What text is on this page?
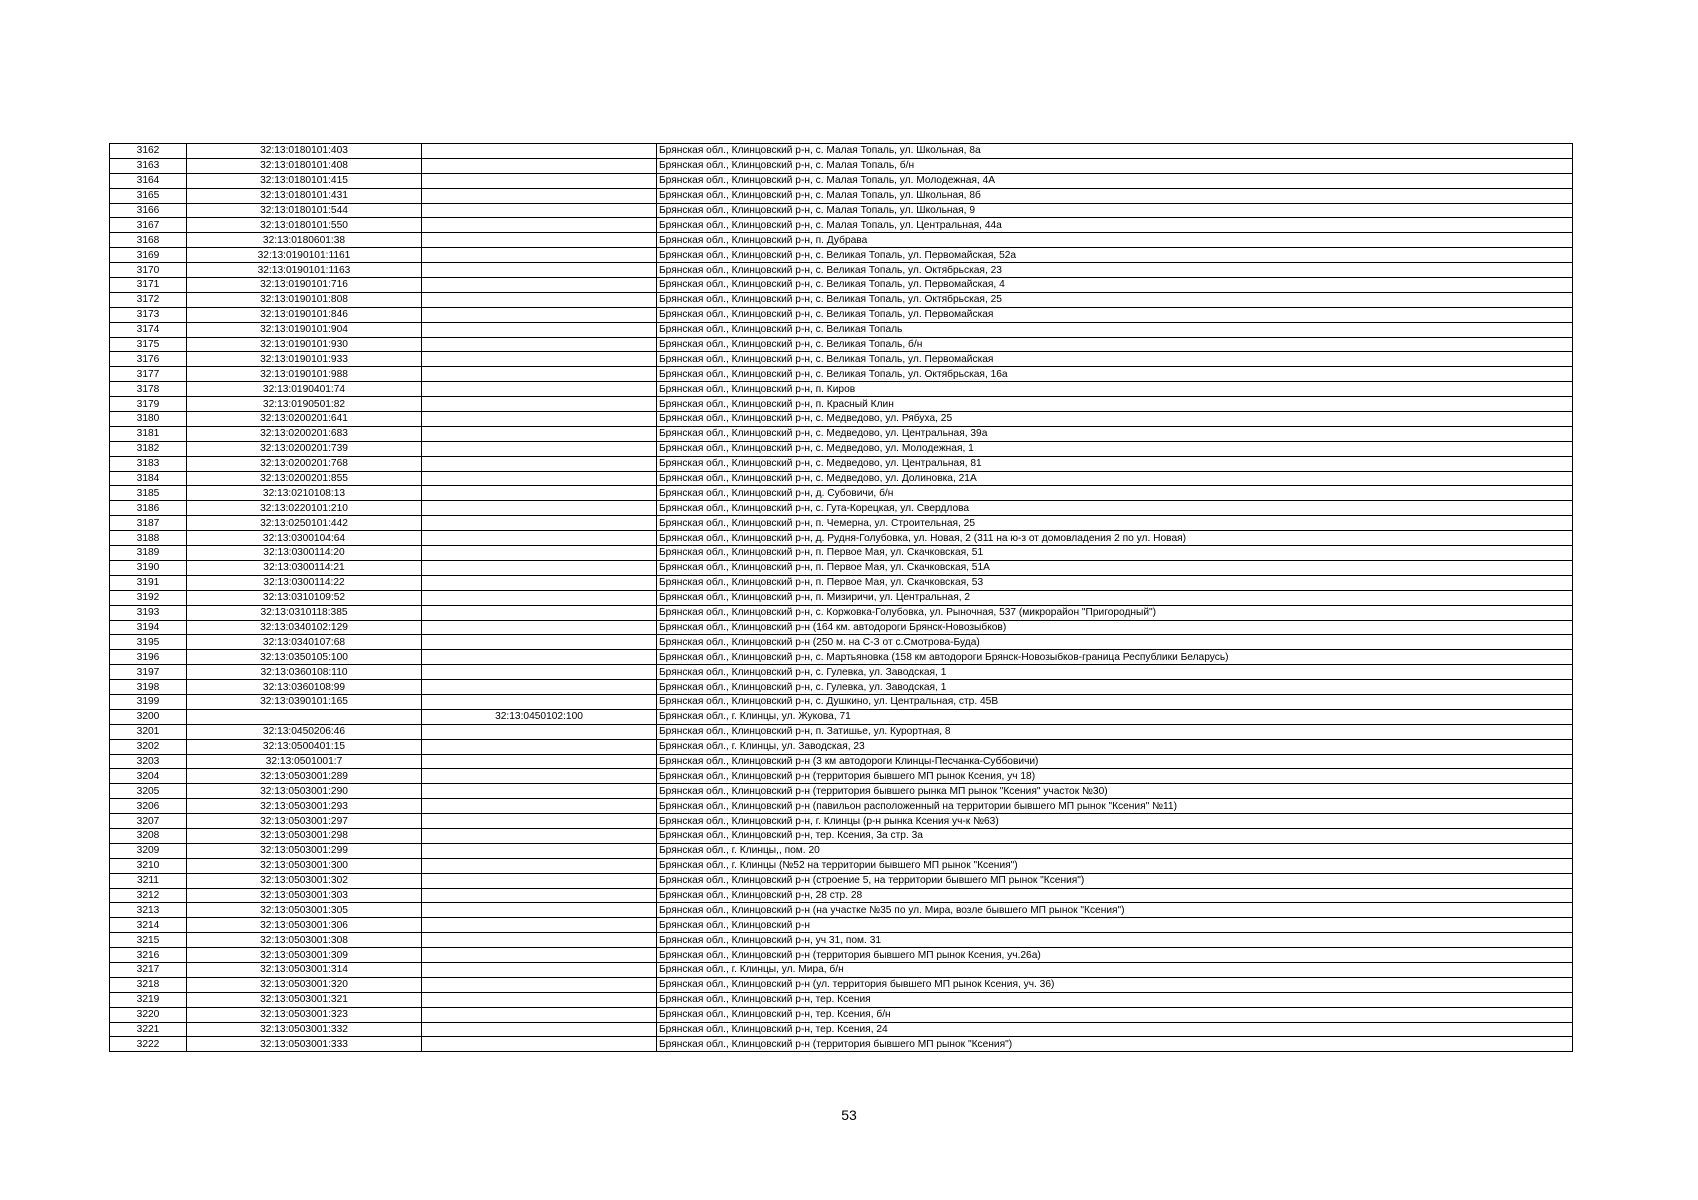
3162	32:13:0180101:403		Брянская обл., Клинцовский р-н, с. Малая Топаль, ул. Школьная, 8а
3163	32:13:0180101:408		Брянская обл., Клинцовский р-н, с. Малая Топаль, б/н
3164	32:13:0180101:415		Брянская обл., Клинцовский р-н, с. Малая Топаль, ул. Молодежная, 4А
3165	32:13:0180101:431		Брянская обл., Клинцовский р-н, с. Малая Топаль, ул. Школьная, 8б
3166	32:13:0180101:544		Брянская обл., Клинцовский р-н, с. Малая Топаль, ул. Школьная, 9
3167	32:13:0180101:550		Брянская обл., Клинцовский р-н, с. Малая Топаль, ул. Центральная, 44а
3168	32:13:0180601:38		Брянская обл., Клинцовский р-н, п. Дубрава
3169	32:13:0190101:1161		Брянская обл., Клинцовский р-н, с. Великая Топаль, ул. Первомайская, 52а
3170	32:13:0190101:1163		Брянская обл., Клинцовский р-н, с. Великая Топаль, ул. Октябрьская, 23
3171	32:13:0190101:716		Брянская обл., Клинцовский р-н, с. Великая Топаль, ул. Первомайская, 4
3172	32:13:0190101:808		Брянская обл., Клинцовский р-н, с. Великая Топаль, ул. Октябрьская, 25
3173	32:13:0190101:846		Брянская обл., Клинцовский р-н, с. Великая Топаль, ул. Первомайская
3174	32:13:0190101:904		Брянская обл., Клинцовский р-н, с. Великая Топаль
3175	32:13:0190101:930		Брянская обл., Клинцовский р-н, с. Великая Топаль, б/н
3176	32:13:0190101:933		Брянская обл., Клинцовский р-н, с. Великая Топаль, ул. Первомайская
3177	32:13:0190101:988		Брянская обл., Клинцовский р-н, с. Великая Топаль, ул. Октябрьская, 16а
3178	32:13:0190401:74		Брянская обл., Клинцовский р-н, п. Киров
3179	32:13:0190501:82		Брянская обл., Клинцовский р-н, п. Красный Клин
3180	32:13:0200201:641		Брянская обл., Клинцовский р-н, с. Медведово, ул. Рябуха, 25
3181	32:13:0200201:683		Брянская обл., Клинцовский р-н, с. Медведово, ул. Центральная, 39а
3182	32:13:0200201:739		Брянская обл., Клинцовский р-н, с. Медведово, ул. Молодежная, 1
3183	32:13:0200201:768		Брянская обл., Клинцовский р-н, с. Медведово, ул. Центральная, 81
3184	32:13:0200201:855		Брянская обл., Клинцовский р-н, с. Медведово, ул. Долиновка, 21А
3185	32:13:0210108:13		Брянская обл., Клинцовский р-н, д. Субовичи, б/н
3186	32:13:0220101:210		Брянская обл., Клинцовский р-н, с. Гута-Корецкая, ул. Свердлова
3187	32:13:0250101:442		Брянская обл., Клинцовский р-н, п. Чемерна, ул. Строительная, 25
3188	32:13:0300104:64		Брянская обл., Клинцовский р-н, д. Рудня-Голубовка, ул. Новая, 2 (311 на ю-з от домовладения 2 по ул. Новая)
3189	32:13:0300114:20		Брянская обл., Клинцовский р-н, п. Первое Мая, ул. Скачковская, 51
3190	32:13:0300114:21		Брянская обл., Клинцовский р-н, п. Первое Мая, ул. Скачковская, 51А
3191	32:13:0300114:22		Брянская обл., Клинцовский р-н, п. Первое Мая, ул. Скачковская, 53
3192	32:13:0310109:52		Брянская обл., Клинцовский р-н, п. Мизиричи, ул. Центральная, 2
3193	32:13:0310118:385		Брянская обл., Клинцовский р-н, с. Коржовка-Голубовка, ул. Рыночная, 537 (микрорайон "Пригородный")
3194	32:13:0340102:129		Брянская обл., Клинцовский р-н (164 км. автодороги Брянск-Новозыбков)
3195	32:13:0340107:68		Брянская обл., Клинцовский р-н (250 м. на С-З от с.Смотрова-Буда)
3196	32:13:0350105:100		Брянская обл., Клинцовский р-н, с. Мартьяновка (158 км автодороги Брянск-Новозыбков-граница Республики Беларусь)
3197	32:13:0360108:110		Брянская обл., Клинцовский р-н, с. Гулевка, ул. Заводская, 1
3198	32:13:0360108:99		Брянская обл., Клинцовский р-н, с. Гулевка, ул. Заводская, 1
3199	32:13:0390101:165		Брянская обл., Клинцовский р-н, с. Душкино, ул. Центральная, стр. 45В
3200		32:13:0450102:100	Брянская обл., г. Клинцы, ул. Жукова, 71
3201	32:13:0450206:46		Брянская обл., Клинцовский р-н, п. Затишье, ул. Курортная, 8
3202	32:13:0500401:15		Брянская обл., г. Клинцы, ул. Заводская, 23
3203	32:13:0501001:7		Брянская обл., Клинцовский р-н (3 км автодороги Клинцы-Песчанка-Суббовичи)
3204	32:13:0503001:289		Брянская обл., Клинцовский р-н (территория бывшего МП рынок Ксения, уч 18)
3205	32:13:0503001:290		Брянская обл., Клинцовский р-н (территория бывшего рынка МП рынок "Ксения" участок №30)
3206	32:13:0503001:293		Брянская обл., Клинцовский р-н (павильон расположенный на территории бывшего МП рынок "Ксения" №11)
3207	32:13:0503001:297		Брянская обл., Клинцовский р-н, г. Клинцы (р-н рынка Ксения уч-к №63)
3208	32:13:0503001:298		Брянская обл., Клинцовский р-н, тер. Ксения, 3а стр. 3а
3209	32:13:0503001:299		Брянская обл., г. Клинцы,, пом. 20
3210	32:13:0503001:300		Брянская обл., г. Клинцы (№52 на территории бывшего МП рынок "Ксения")
3211	32:13:0503001:302		Брянская обл., Клинцовский р-н (строение 5, на территории бывшего МП рынок "Ксения")
3212	32:13:0503001:303		Брянская обл., Клинцовский р-н, 28 стр. 28
3213	32:13:0503001:305		Брянская обл., Клинцовский р-н (на участке №35 по ул. Мира, возле бывшего МП рынок "Ксения")
3214	32:13:0503001:306		Брянская обл., Клинцовский р-н
3215	32:13:0503001:308		Брянская обл., Клинцовский р-н, уч 31, пом. 31
3216	32:13:0503001:309		Брянская обл., Клинцовский р-н (территория бывшего МП рынок Ксения, уч.26а)
3217	32:13:0503001:314		Брянская обл., г. Клинцы, ул. Мира, б/н
3218	32:13:0503001:320		Брянская обл., Клинцовский р-н (ул. территория бывшего МП рынок Ксения, уч. 36)
3219	32:13:0503001:321		Брянская обл., Клинцовский р-н, тер. Ксения
3220	32:13:0503001:323		Брянская обл., Клинцовский р-н, тер. Ксения, б/н
3221	32:13:0503001:332		Брянская обл., Клинцовский р-н, тер. Ксения, 24
3222	32:13:0503001:333		Брянская обл., Клинцовский р-н (территория бывшего МП рынок "Ксения")
53
